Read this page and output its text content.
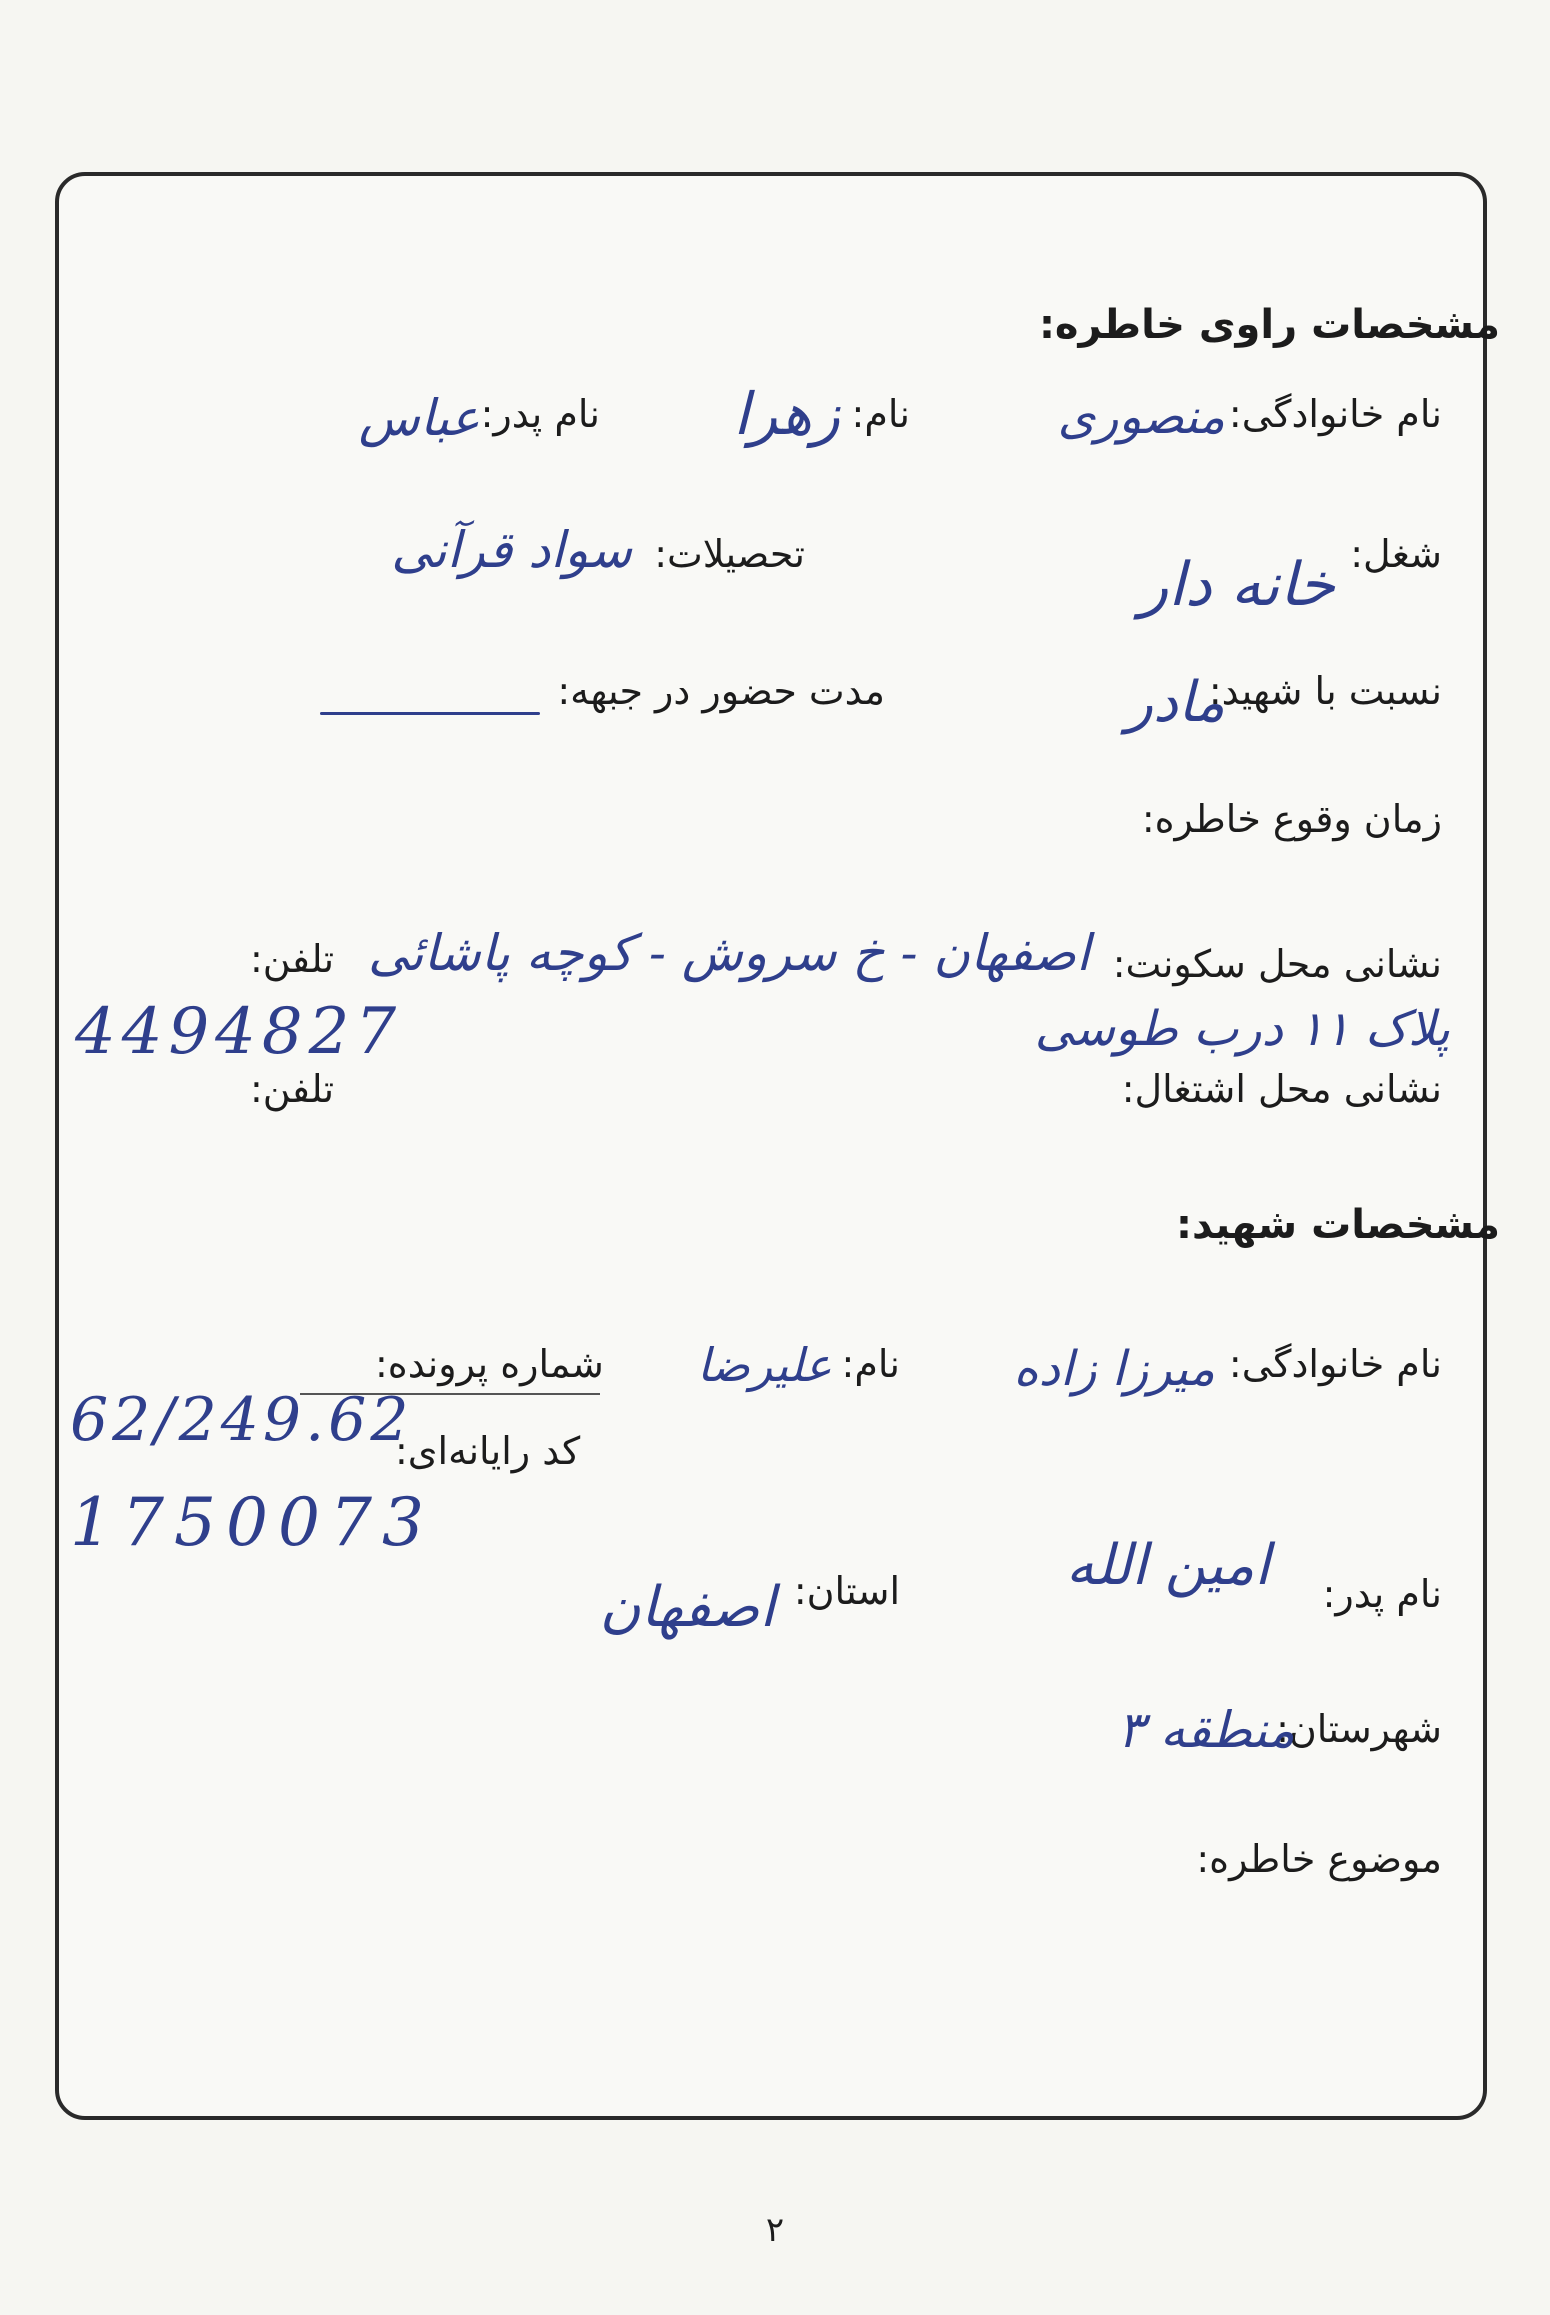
مشخصات راوی خاطره:
نام خانوادگی:
منصوری
نام:
زهرا
نام پدر:
عباس
شغل:
خانه دار
تحصیلات:
سواد قرآنی
نسبت با شهید:
مادر
مدت حضور در جبهه:
زمان وقوع خاطره:
نشانی محل سکونت:
اصفهان - خ سروش - کوچه پاشائی
پلاک ۱۱ درب طوسی
تلفن:
4494827
نشانی محل اشتغال:
تلفن:
مشخصات شهید:
نام خانوادگی:
میرزا زاده
نام:
علیرضا
شماره پرونده:
62/249.62
کد رایانه‌ای:
1750073
نام پدر:
امین الله
استان:
اصفهان
شهرستان:
منطقه ۳
موضوع خاطره:
۲
